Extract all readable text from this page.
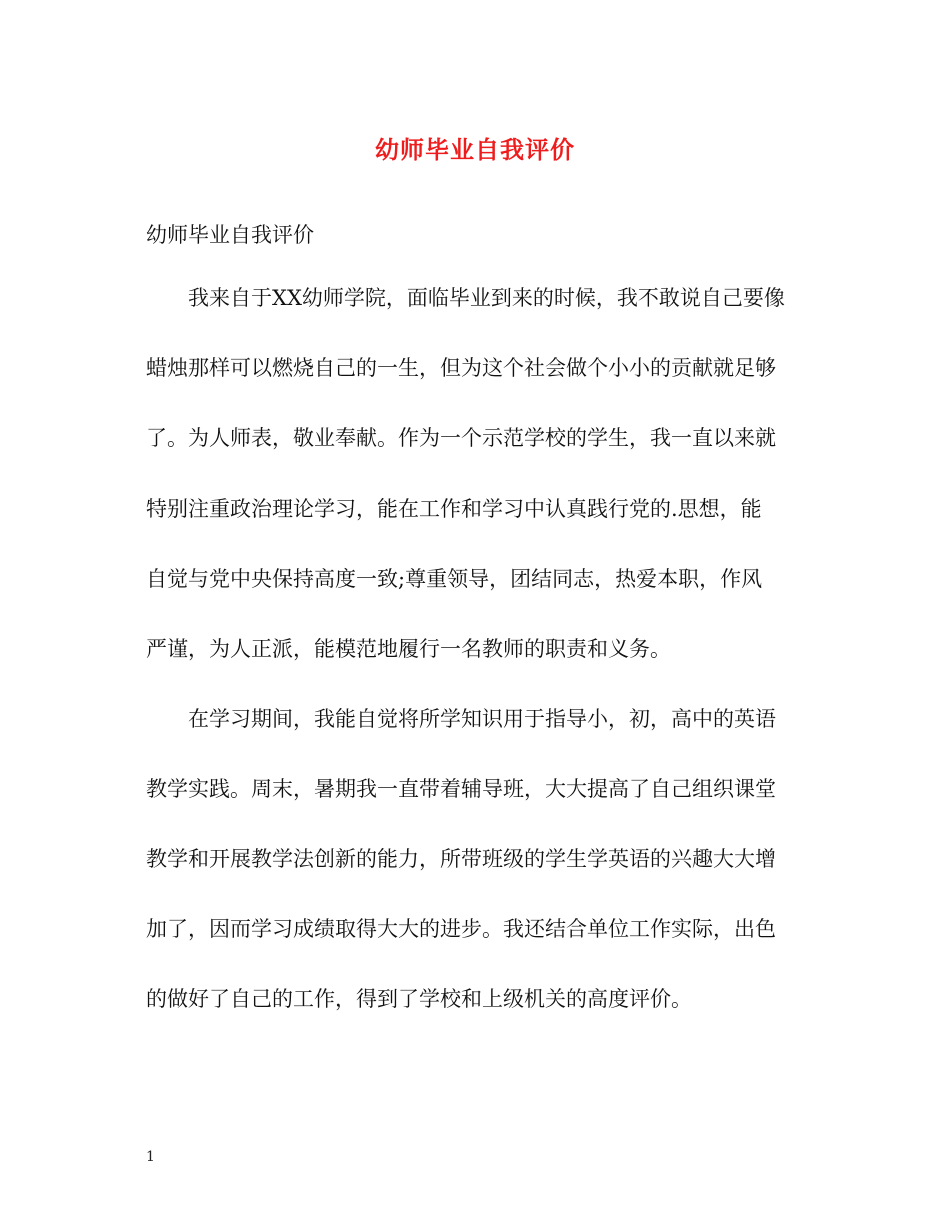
幼师毕业自我评价
幼师毕业自我评价
我来自于XX幼师学院，面临毕业到来的时候，我不敢说自己要像
蜡烛那样可以燃烧自己的一生，但为这个社会做个小小的贡献就足够
了。为人师表，敬业奉献。作为一个示范学校的学生，我一直以来就
特别注重政治理论学习，能在工作和学习中认真践行党的.思想，能
自觉与党中央保持高度一致;尊重领导，团结同志，热爱本职，作风
严谨，为人正派，能模范地履行一名教师的职责和义务。
在学习期间，我能自觉将所学知识用于指导小，初，高中的英语
教学实践。周末，暑期我一直带着辅导班，大大提高了自己组织课堂
教学和开展教学法创新的能力，所带班级的学生学英语的兴趣大大增
加了，因而学习成绩取得大大的进步。我还结合单位工作实际，出色
的做好了自己的工作，得到了学校和上级机关的高度评价。
1
